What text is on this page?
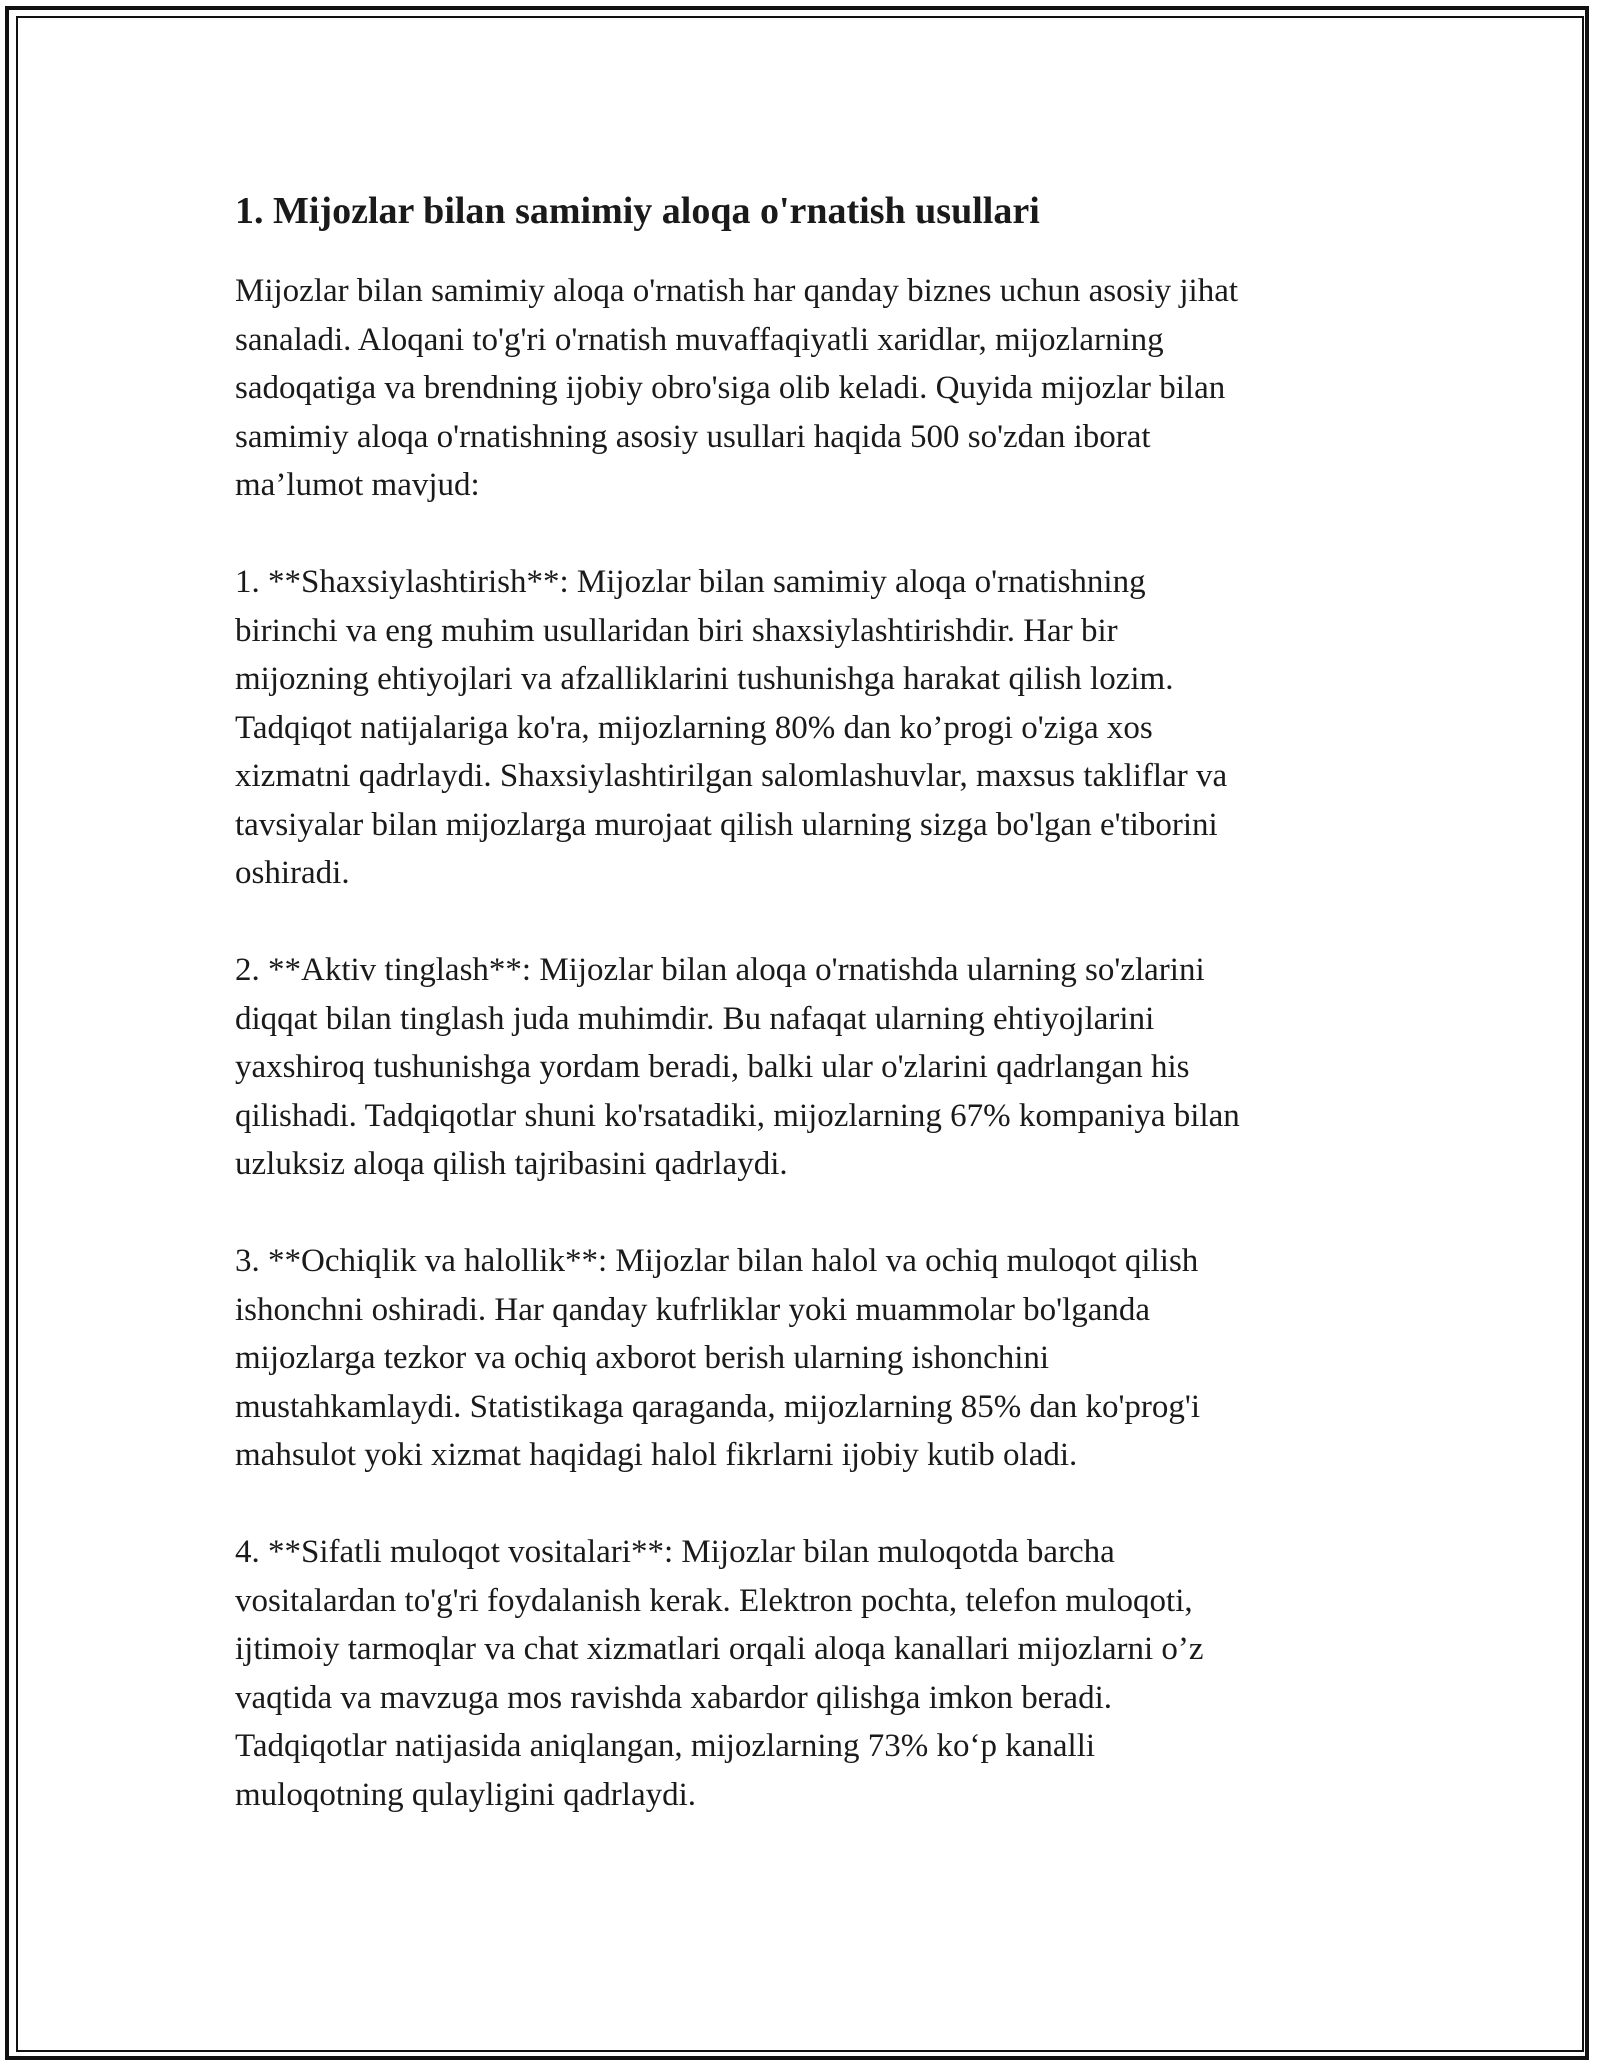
1. Mijozlar bilan samimiy aloqa o'rnatish usullari

Mijozlar bilan samimiy aloqa o'rnatish har qanday biznes uchun asosiy jihat
sanaladi. Aloqani to'g'ri o'rnatish muvaffaqiyatli xaridlar, mijozlarning
sadoqatiga va brendning ijobiy obro'siga olib keladi. Quyida mijozlar bilan
samimiy aloqa o'rnatishning asosiy usullari haqida 500 so'zdan iborat
ma’lumot mavjud:

1. **Shaxsiylashtirish**: Mijozlar bilan samimiy aloqa o'rnatishning
birinchi va eng muhim usullaridan biri shaxsiylashtirishdir. Har bir
mijozning ehtiyojlari va afzalliklarini tushunishga harakat qilish lozim.
Tadqiqot natijalariga ko'ra, mijozlarning 80% dan ko’progi o'ziga xos
xizmatni qadrlaydi. Shaxsiylashtirilgan salomlashuvlar, maxsus takliflar va
tavsiyalar bilan mijozlarga murojaat qilish ularning sizga bo'lgan e'tiborini
oshiradi.

2. **Aktiv tinglash**: Mijozlar bilan aloqa o'rnatishda ularning so'zlarini
diqqat bilan tinglash juda muhimdir. Bu nafaqat ularning ehtiyojlarini
yaxshiroq tushunishga yordam beradi, balki ular o'zlarini qadrlangan his
qilishadi. Tadqiqotlar shuni ko'rsatadiki, mijozlarning 67% kompaniya bilan
uzluksiz aloqa qilish tajribasini qadrlaydi.

3. **Ochiqlik va halollik**: Mijozlar bilan halol va ochiq muloqot qilish
ishonchni oshiradi. Har qanday kufrliklar yoki muammolar bo'lganda
mijozlarga tezkor va ochiq axborot berish ularning ishonchini
mustahkamlaydi. Statistikaga qaraganda, mijozlarning 85% dan ko'prog'i
mahsulot yoki xizmat haqidagi halol fikrlarni ijobiy kutib oladi.

4. **Sifatli muloqot vositalari**: Mijozlar bilan muloqotda barcha
vositalardan to'g'ri foydalanish kerak. Elektron pochta, telefon muloqoti,
ijtimoiy tarmoqlar va chat xizmatlari orqali aloqa kanallari mijozlarni o’z
vaqtida va mavzuga mos ravishda xabardor qilishga imkon beradi.
Tadqiqotlar natijasida aniqlangan, mijozlarning 73% ko‘p kanalli
muloqotning qulayligini qadrlaydi.
